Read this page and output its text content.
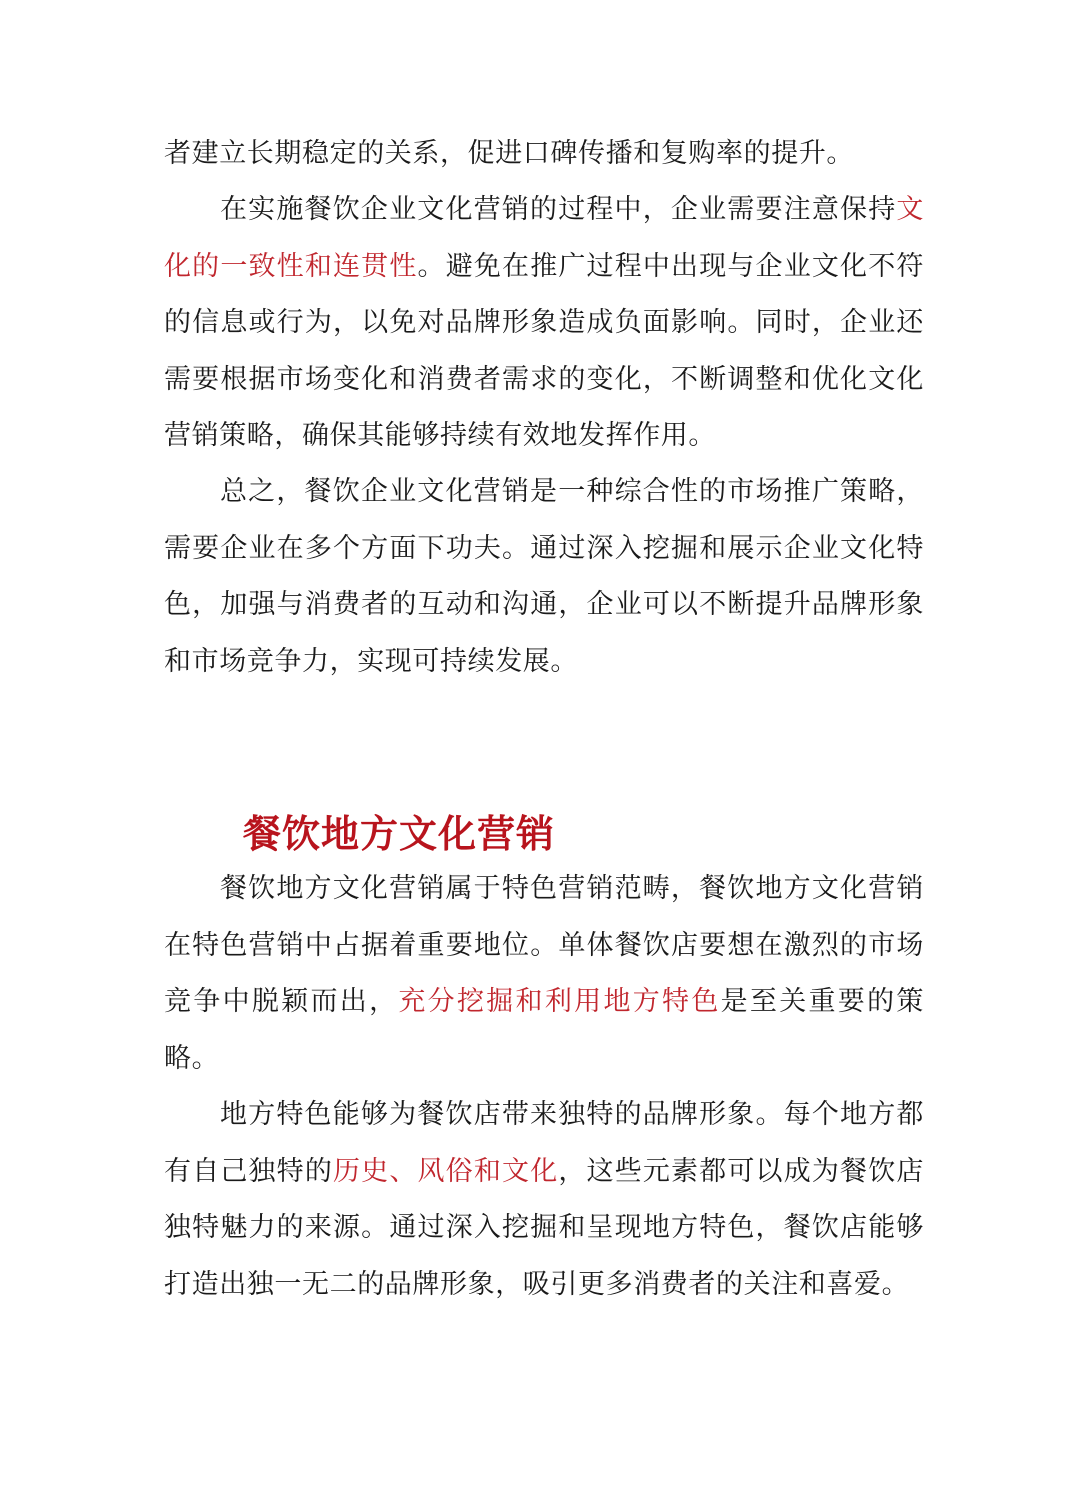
者建立长期稳定的关系，促进口碑传播和复购率的提升。

在实施餐饮企业文化营销的过程中，企业需要注意保持文化的一致性和连贯性。避免在推广过程中出现与企业文化不符的信息或行为，以免对品牌形象造成负面影响。同时，企业还需要根据市场变化和消费者需求的变化，不断调整和优化文化营销策略，确保其能够持续有效地发挥作用。

总之，餐饮企业文化营销是一种综合性的市场推广策略，需要企业在多个方面下功夫。通过深入挖掘和展示企业文化特色，加强与消费者的互动和沟通，企业可以不断提升品牌形象和市场竞争力，实现可持续发展。

餐饮地方文化营销

餐饮地方文化营销属于特色营销范畴，餐饮地方文化营销在特色营销中占据着重要地位。单体餐饮店要想在激烈的市场竞争中脱颖而出，充分挖掘和利用地方特色是至关重要的策略。

地方特色能够为餐饮店带来独特的品牌形象。每个地方都有自己独特的历史、风俗和文化，这些元素都可以成为餐饮店独特魅力的来源。通过深入挖掘和呈现地方特色，餐饮店能够打造出独一无二的品牌形象，吸引更多消费者的关注和喜爱。
